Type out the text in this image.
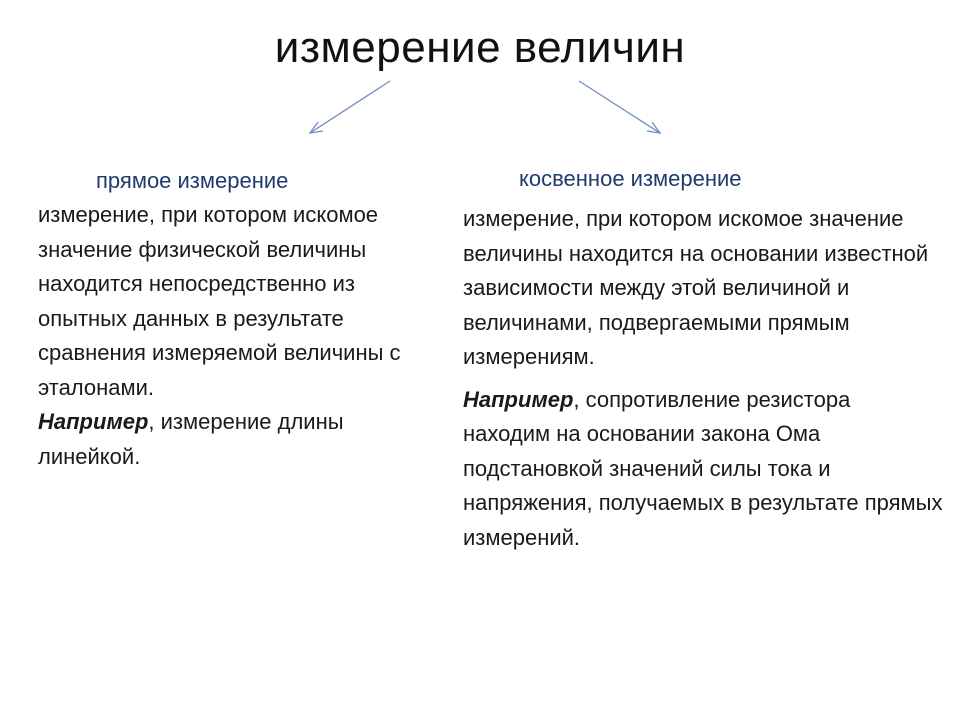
измерение величин
прямое измерение

измерение, при котором искомое значение физической величины находится непосредственно из опытных данных в результате сравнения измеряемой величины с эталонами.

Например, измерение длины линейкой.

косвенное измерение

измерение, при котором искомое значение величины находится на основании известной зависимости между этой величиной и величинами, подвергаемыми прямым измерениям.

Например, сопротивление резистора находим на основании закона Ома подстановкой значений силы тока и напряжения, получаемых в результате прямых измерений.
